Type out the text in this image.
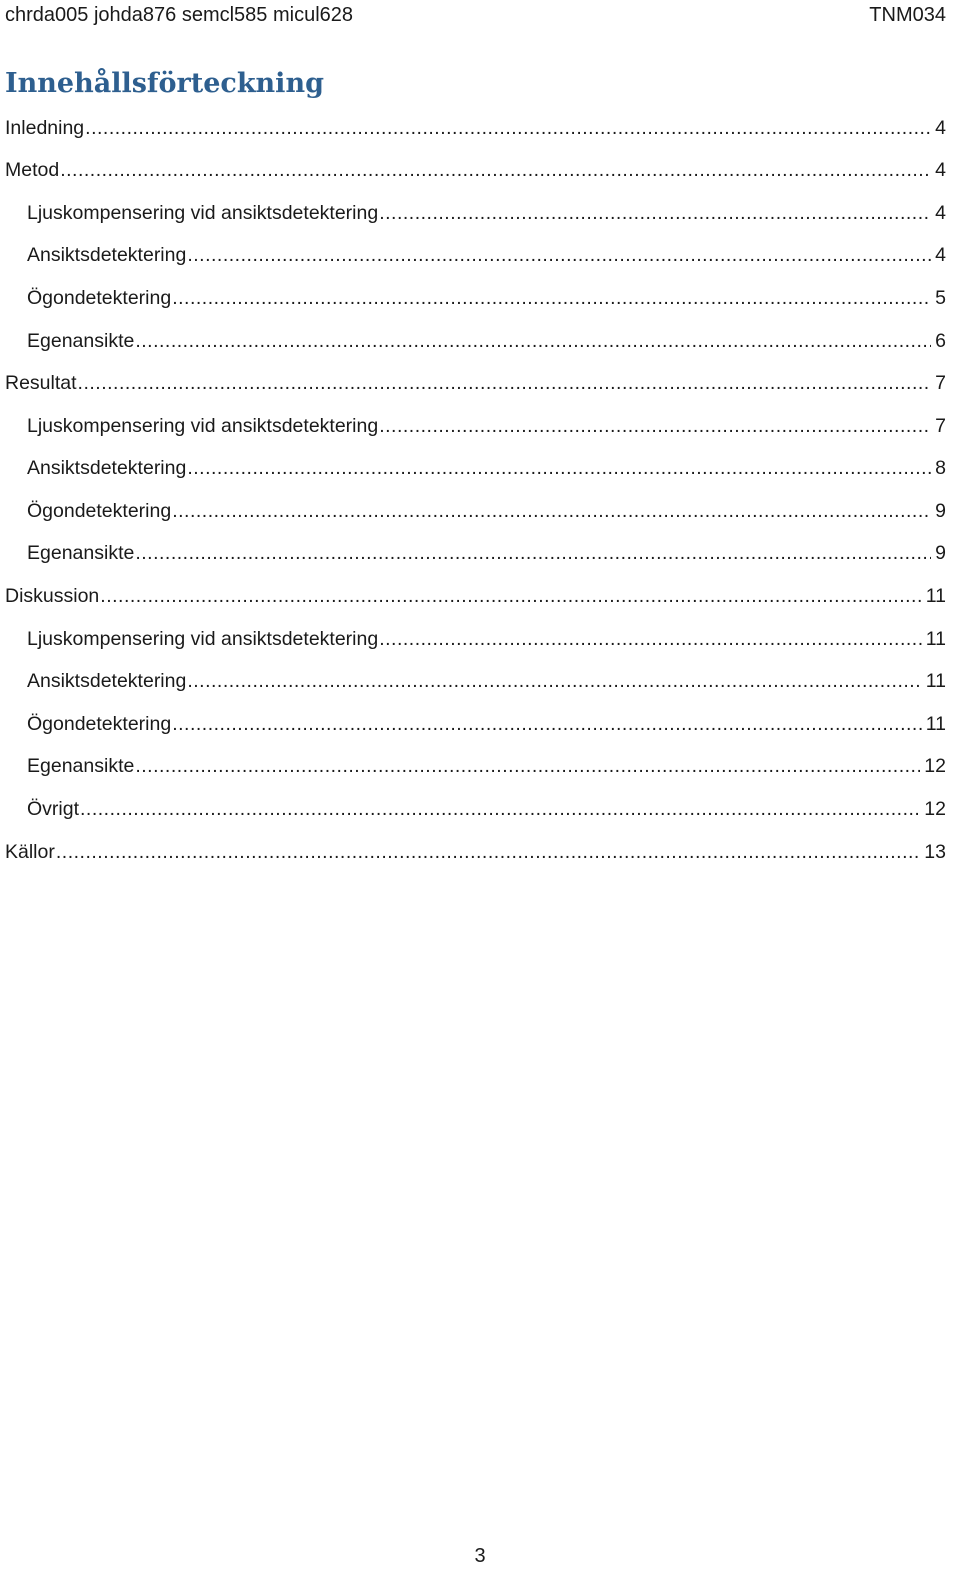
chrda005 johda876 semcl585 micul628	TNM034
Innehållsförteckning
Inledning .....	4
Metod .....	4
Ljuskompensering vid ansiktsdetektering .....	4
Ansiktsdetektering .....	4
Ögondetektering .....	5
Egenansikte .....	6
Resultat .....	7
Ljuskompensering vid ansiktsdetektering .....	7
Ansiktsdetektering .....	8
Ögondetektering .....	9
Egenansikte .....	9
Diskussion .....	11
Ljuskompensering vid ansiktsdetektering .....	11
Ansiktsdetektering .....	11
Ögondetektering .....	11
Egenansikte .....	12
Övrigt .....	12
Källor .....	13
3
